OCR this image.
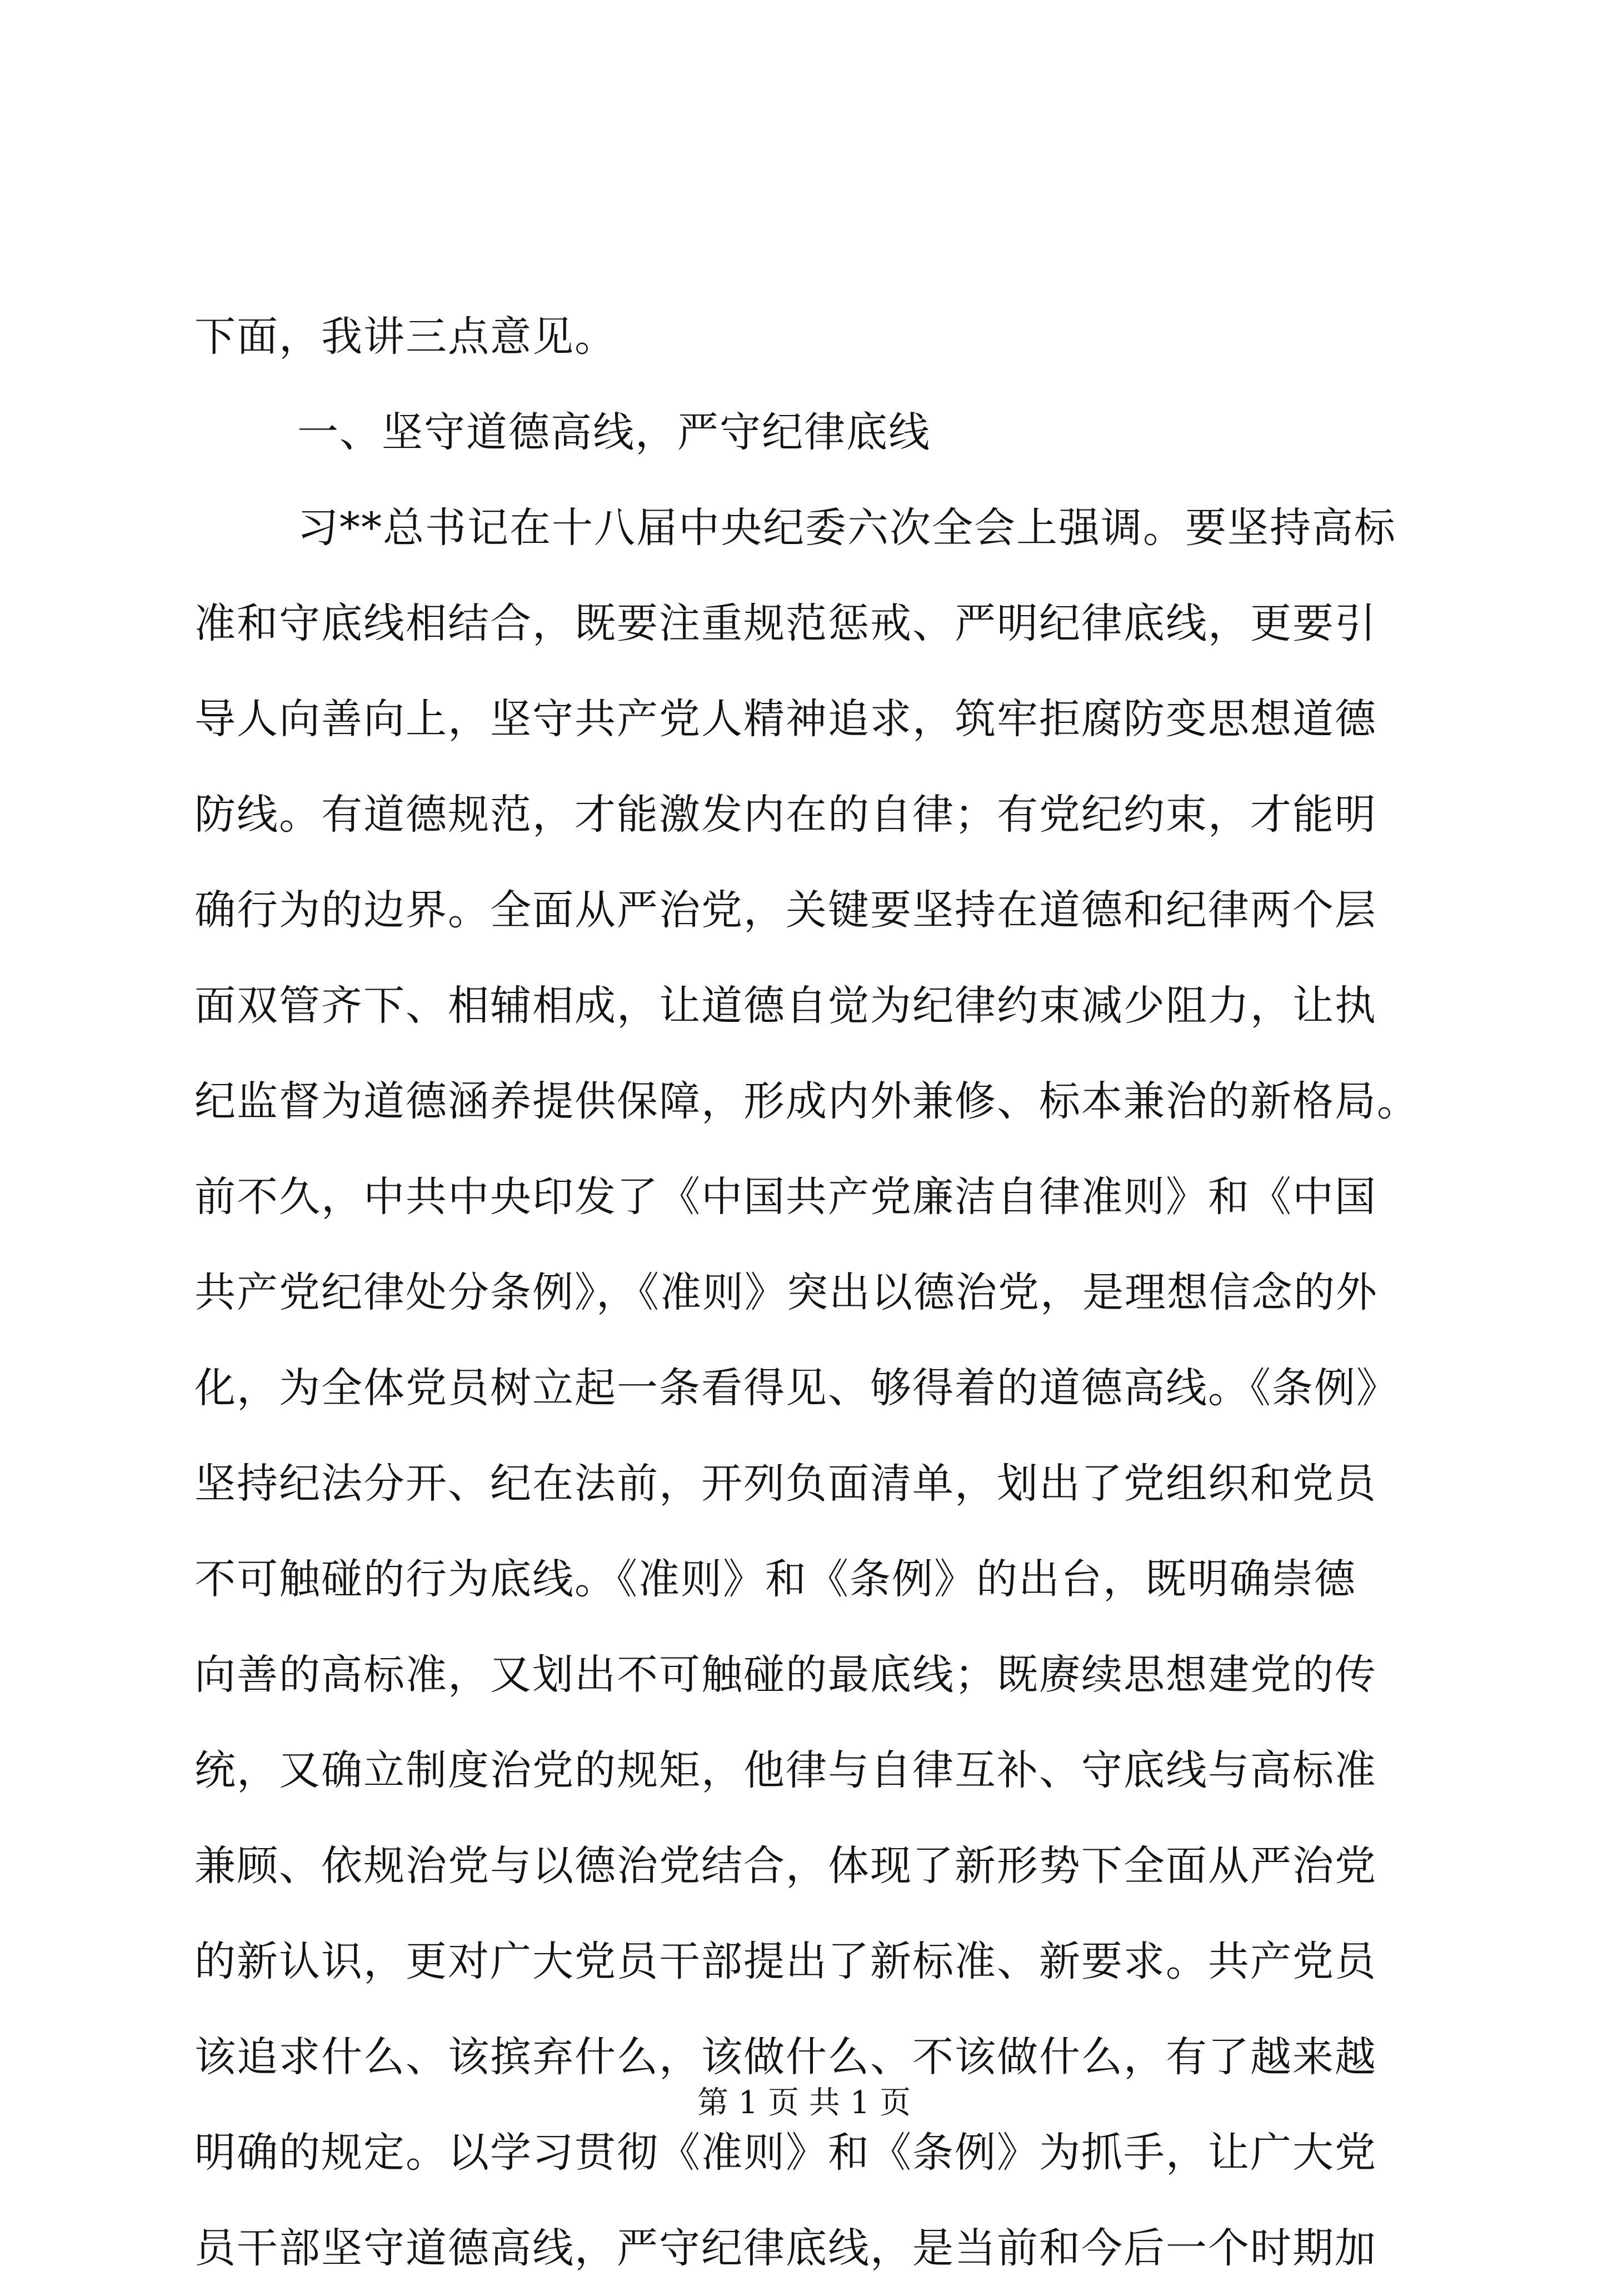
下面，我讲三点意见。
一、坚守道德高线，严守纪律底线
习**总书记在十八届中央纪委六次全会上强调。要坚持高标
准和守底线相结合，既要注重规范惩戒、严明纪律底线，更要引
导人向善向上，坚守共产党人精神追求，筑牢拒腐防变思想道德
防线。有道德规范，才能激发内在的自律；有党纪约束，才能明
确行为的边界。全面从严治党，关键要坚持在道德和纪律两个层
面双管齐下、相辅相成，让道德自觉为纪律约束减少阻力，让执
纪监督为道德涵养提供保障，形成内外兼修、标本兼治的新格局。
前不久，中共中央印发了《中国共产党廉洁自律准则》和《中国
共产党纪律处分条例》，《准则》突出以德治党，是理想信念的外
化，为全体党员树立起一条看得见、够得着的道德高线。《条例》
坚持纪法分开、纪在法前，开列负面清单，划出了党组织和党员
不可触碰的行为底线。《准则》和《条例》的出台，既明确崇德
向善的高标准，又划出不可触碰的最底线；既赓续思想建党的传
统，又确立制度治党的规矩，他律与自律互补、守底线与高标准
兼顾、依规治党与以德治党结合，体现了新形势下全面从严治党
的新认识，更对广大党员干部提出了新标准、新要求。共产党员
该追求什么、该摈弃什么，该做什么、不该做什么，有了越来越
明确的规定。以学习贯彻《准则》和《条例》为抓手，让广大党
员干部坚守道德高线，严守纪律底线，是当前和今后一个时期加
第 1 页 共 1 页
